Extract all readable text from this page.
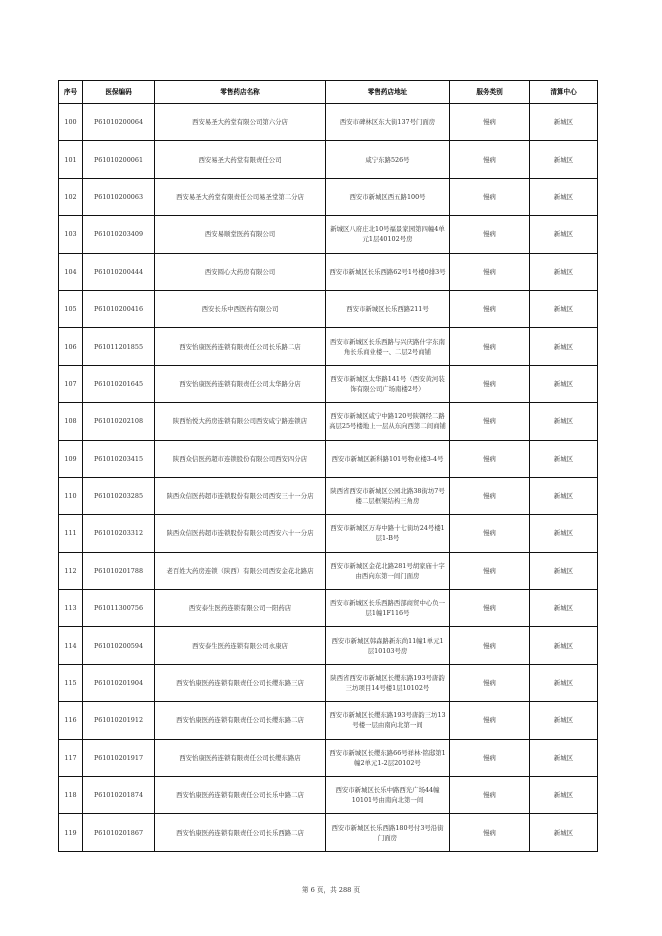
序号	医保编码	零售药店名称	零售药店地址	服务类别	清算中心
100	P61010200064	西安易圣大药堂有限公司第六分店	西安市碑林区东大街137号门面房	慢病	新城区
101	P61010200061	西安易圣大药堂有限责任公司	咸宁东路526号	慢病	新城区
102	P61010200063	西安易圣大药堂有限责任公司易圣堂第二分店	西安市新城区西五路100号	慢病	新城区
103	P61010203409	西安易顺堂医药有限公司	新城区八府庄北10号福景家园第四幢4单元1层40102号房	慢病	新城区
104	P61010200444	西安圆心大药房有限公司	西安市新城区长乐西路62号1号楼0排3号	慢病	新城区
105	P61010200416	西安长乐中西医药有限公司	西安市新城区长乐西路211号	慢病	新城区
106	P61011201855	西安怡康医药连锁有限责任公司长乐路二店	西安市新城区长乐西路与兴庆路什字东南角长乐商业楼一、二层2号商铺	慢病	新城区
107	P61010201645	西安怡康医药连锁有限责任公司太华路分店	西安市新城区太华路141号（西安黄河装饰有限公司广场南楼2号）	慢病	新城区
108	P61010202108	陕西怡悦大药房连锁有限公司西安咸宁路连锁店	西安市新城区咸宁中路120号陕钢经二路高层25号楼地上一层从东向西第二间商铺	慢病	新城区
109	P61010203415	陕西众信医药超市连锁股份有限公司西安四分店	西安市新城区新科路101号物业楼3-4号	慢病	新城区
110	P61010203285	陕西众信医药超市连锁股份有限公司西安三十一分店	陕西省西安市新城区公园北路38街坊7号楼二层框架结构三角房	慢病	新城区
111	P61010203312	陕西众信医药超市连锁股份有限公司西安六十一分店	西安市新城区万寿中路十七街坊24号楼1层1-B号	慢病	新城区
112	P61010201788	老百姓大药房连锁（陕西）有限公司西安金花北路店	西安市新城区金花北路281号胡家庙十字由西向东第一间门面房	慢病	新城区
113	P61011300756	西安泰生医药连锁有限公司一阳药店	西安市新城区长乐西路西部商贸中心负一层1幢1F116号	慢病	新城区
114	P61010200594	西安泰生医药连锁有限公司永康店	西安市新城区韩森路新东尚11幢1单元1层10103号房	慢病	新城区
115	P61010201904	西安怡康医药连锁有限责任公司长缨东路三店	陕西省西安市新城区长缨东路193号唐韵三坊项目14号楼1层10102号	慢病	新城区
116	P61010201912	西安怡康医药连锁有限责任公司长缨东路二店	西安市新城区长缨东路193号唐韵三坊13号楼一层由南向北第一间	慢病	新城区
117	P61010201917	西安怡康医药连锁有限责任公司长缨东路店	西安市新城区长缨东路66号祥林·铭邸第1幢2单元1-2层20102号	慢病	新城区
118	P61010201874	西安怡康医药连锁有限责任公司长乐中路二店	西安市新城区长乐中路西光广场44幢10101号由南向北第一间	慢病	新城区
119	P61010201867	西安怡康医药连锁有限责任公司长乐西路二店	西安市新城区长乐西路180号付3号沿街门面房	慢病	新城区
第 6 页，共 288 页
